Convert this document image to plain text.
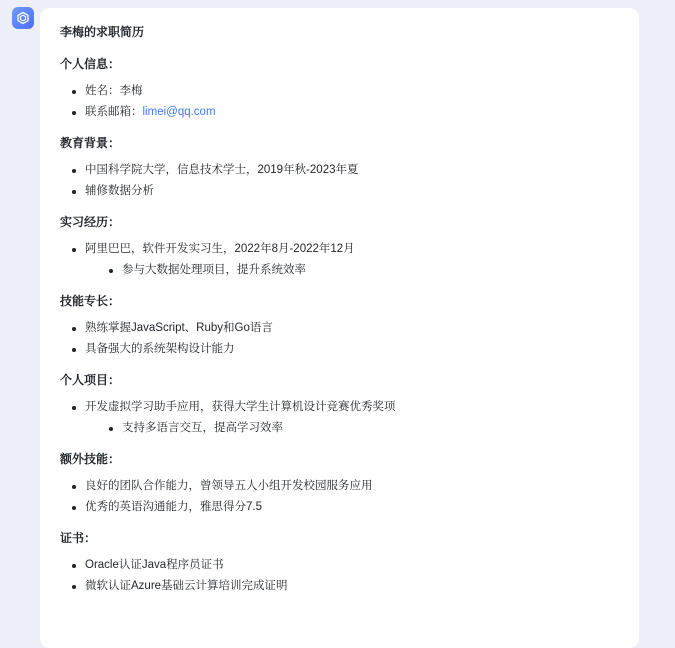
李梅的求职简历
个人信息：
姓名：李梅
联系邮箱：limei@qq.com
教育背景：
中国科学院大学，信息技术学士，2019年秋-2023年夏
辅修数据分析
实习经历：
阿里巴巴，软件开发实习生，2022年8月-2022年12月
参与大数据处理项目，提升系统效率
技能专长：
熟练掌握JavaScript、Ruby和Go语言
具备强大的系统架构设计能力
个人项目：
开发虚拟学习助手应用，获得大学生计算机设计竞赛优秀奖项
支持多语言交互，提高学习效率
额外技能：
良好的团队合作能力，曾领导五人小组开发校园服务应用
优秀的英语沟通能力，雅思得分7.5
证书：
Oracle认证Java程序员证书
微软认证Azure基础云计算培训完成证明
